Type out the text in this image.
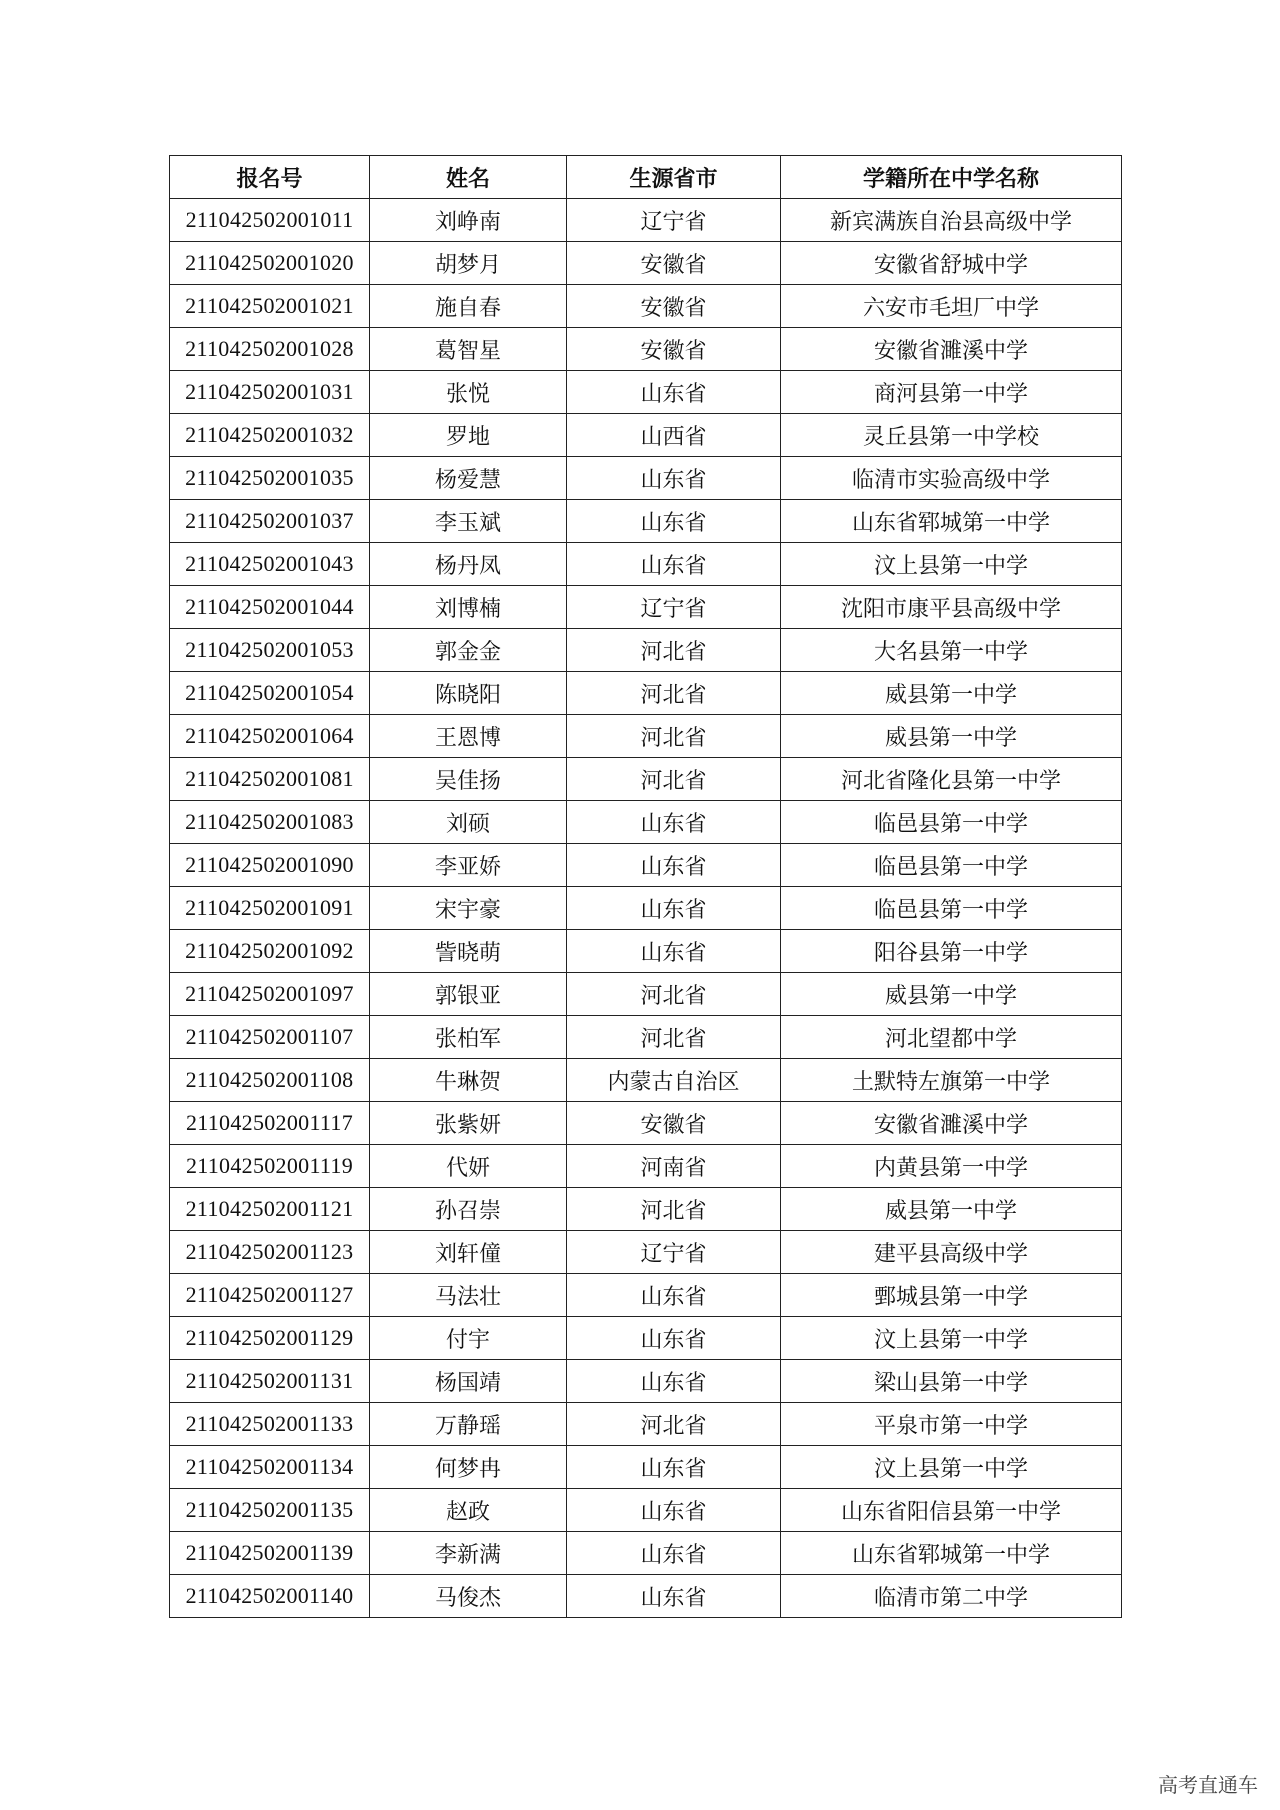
报名号	姓名	生源省市	学籍所在中学名称
211042502001011	刘峥南	辽宁省	新宾满族自治县高级中学
211042502001020	胡梦月	安徽省	安徽省舒城中学
211042502001021	施自春	安徽省	六安市毛坦厂中学
211042502001028	葛智星	安徽省	安徽省濉溪中学
211042502001031	张悦	山东省	商河县第一中学
211042502001032	罗地	山西省	灵丘县第一中学校
211042502001035	杨爱慧	山东省	临清市实验高级中学
211042502001037	李玉斌	山东省	山东省郓城第一中学
211042502001043	杨丹凤	山东省	汶上县第一中学
211042502001044	刘博楠	辽宁省	沈阳市康平县高级中学
211042502001053	郭金金	河北省	大名县第一中学
211042502001054	陈晓阳	河北省	威县第一中学
211042502001064	王恩博	河北省	威县第一中学
211042502001081	吴佳扬	河北省	河北省隆化县第一中学
211042502001083	刘硕	山东省	临邑县第一中学
211042502001090	李亚娇	山东省	临邑县第一中学
211042502001091	宋宇豪	山东省	临邑县第一中学
211042502001092	訾晓萌	山东省	阳谷县第一中学
211042502001097	郭银亚	河北省	威县第一中学
211042502001107	张柏军	河北省	河北望都中学
211042502001108	牛琳贺	内蒙古自治区	土默特左旗第一中学
211042502001117	张紫妍	安徽省	安徽省濉溪中学
211042502001119	代妍	河南省	内黄县第一中学
211042502001121	孙召崇	河北省	威县第一中学
211042502001123	刘轩僮	辽宁省	建平县高级中学
211042502001127	马法壮	山东省	鄄城县第一中学
211042502001129	付宇	山东省	汶上县第一中学
211042502001131	杨国靖	山东省	梁山县第一中学
211042502001133	万静瑶	河北省	平泉市第一中学
211042502001134	何梦冉	山东省	汶上县第一中学
211042502001135	赵政	山东省	山东省阳信县第一中学
211042502001139	李新满	山东省	山东省郓城第一中学
211042502001140	马俊杰	山东省	临清市第二中学
高考直通车
